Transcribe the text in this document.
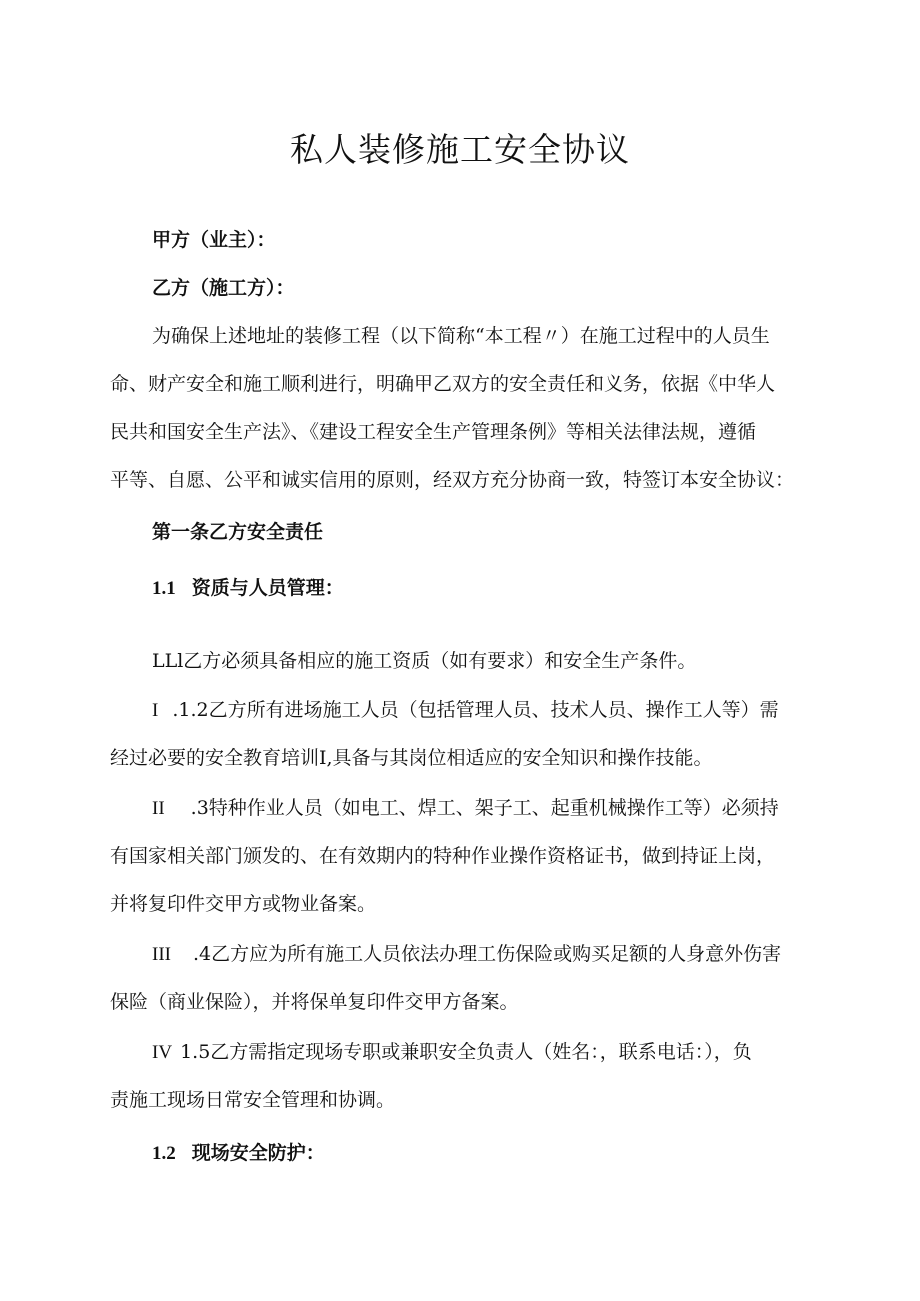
私人装修施工安全协议
甲方（业主）：
乙方（施工方）：
为确保上述地址的装修工程（以下简称“本工程〃）在施工过程中的人员生
命、财产安全和施工顺利进行，明确甲乙双方的安全责任和义务，依据《中华人
民共和国安全生产法》、《建设工程安全生产管理条例》等相关法律法规，遵循
平等、自愿、公平和诚实信用的原则，经双方充分协商一致，特签订本安全协议：
第一条乙方安全责任
1.1 资质与人员管理：
LLl乙方必须具备相应的施工资质（如有要求）和安全生产条件。
I .1.2乙方所有进场施工人员（包括管理人员、技术人员、操作工人等）需
经过必要的安全教育培训I,具备与其岗位相适应的安全知识和操作技能。
II .3特种作业人员（如电工、焊工、架子工、起重机械操作工等）必须持
有国家相关部门颁发的、在有效期内的特种作业操作资格证书，做到持证上岗，
并将复印件交甲方或物业备案。
III .4乙方应为所有施工人员依法办理工伤保险或购买足额的人身意外伤害
保险（商业保险），并将保单复印件交甲方备案。
IV 1.5乙方需指定现场专职或兼职安全负责人（姓名：，联系电话：），负
责施工现场日常安全管理和协调。
1.2 现场安全防护：
